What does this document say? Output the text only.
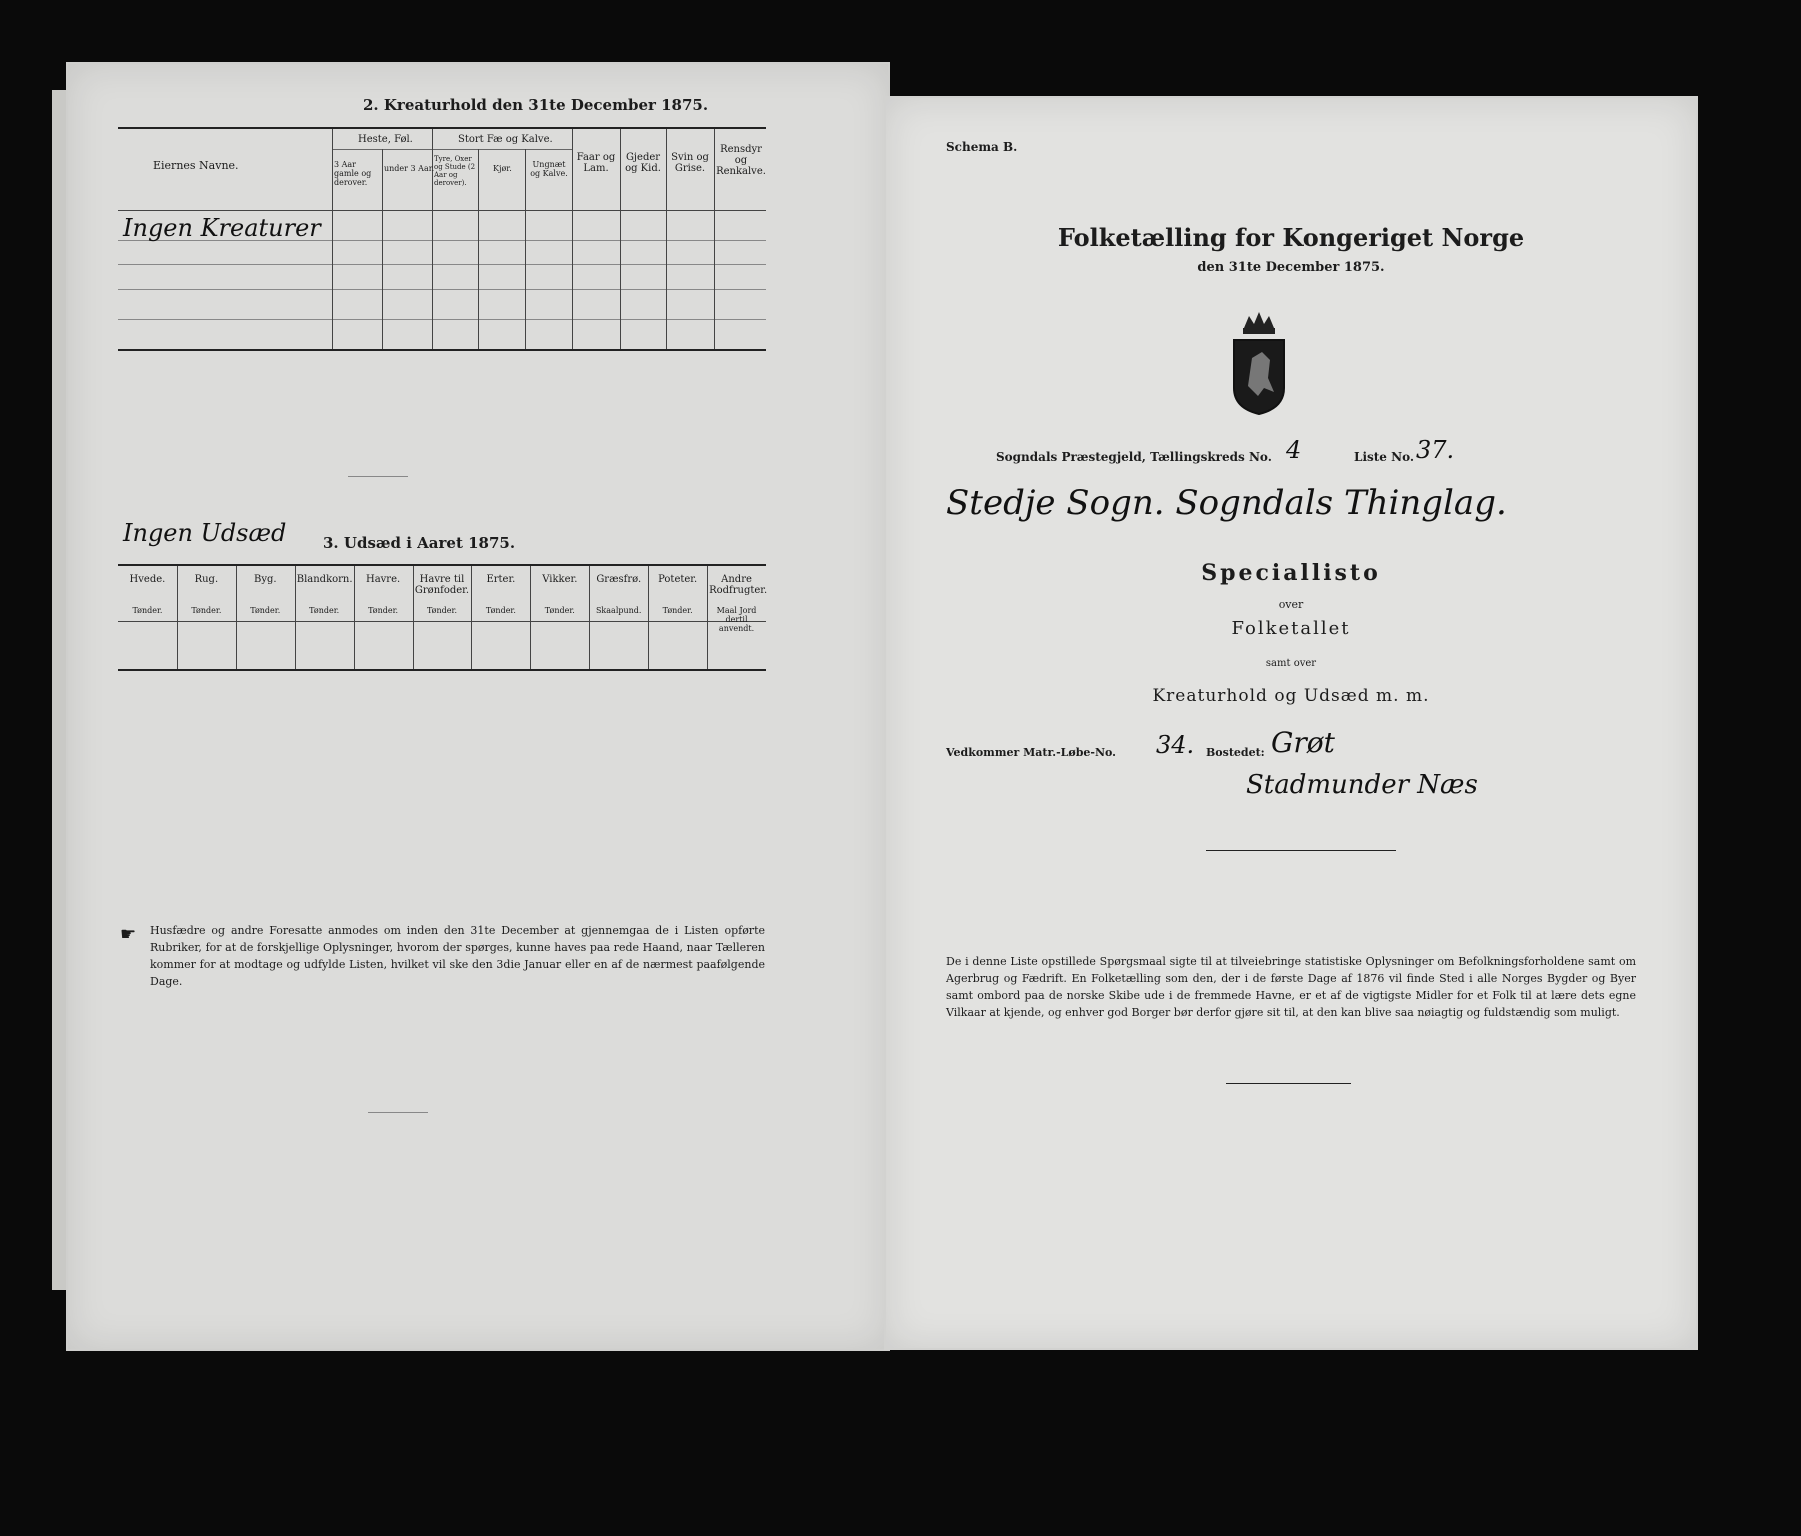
2. Kreaturhold den 31te December 1875.
Eiernes Navne.
Heste, Føl.
3 Aar gamle og derover.
under 3 Aar.
Stort Fæ og Kalve.
Tyre, Oxer og Stude (2 Aar og derover).
Kjør.	Ungnæt og Kalve.
Faar og Lam.
Gjeder og Kid.
Svin og Grise.
Rensdyr og Renkalve.
Ingen Kreaturer
Ingen Udsæd 3. Udsæd i Aaret 1875.
Hvede.
Tønder.
Rug.
Tønder.
Byg.
Tønder.
Blandkorn.
Tønder.
Havre.
Tønder.
Havre til Grønfoder.
Tønder.
Erter.
Tønder.
Vikker.
Tønder.
Græsfrø.
Skaalpund.
Poteter.
Tønder.
Andre Rodfrugter.
Maal Jord dertil anvendt.
☛ Husfædre og andre Foresatte anmodes om inden den 31te December at gjennemgaa de i Listen opførte Rubriker, for at de forskjellige Oplysninger, hvorom der spørges, kunne haves paa rede Haand, naar Tælleren kommer for at modtage og udfylde Listen, hvilket vil ske den 3die Januar eller en af de nærmest paafølgende Dage.
Schema B.
Folketælling for Kongeriget Norge
den 31te December 1875.
Sogndals Præstegjeld, Tællingskreds No. 4	Liste No. 37.
Stedje Sogn. Sogndals Thinglag.
Speciallisto
over
Folketallet
samt over
Kreaturhold og Udsæd m. m.
Vedkommer Matr.-Løbe-No. 34. Bostedet: Grøt
Stadmunder Næs
De i denne Liste opstillede Spørgsmaal sigte til at tilveiebringe statistiske Oplysninger om Befolkningsforholdene samt om Agerbrug og Fædrift. En Folketælling som den, der i de første Dage af 1876 vil finde Sted i alle Norges Bygder og Byer samt ombord paa de norske Skibe ude i de fremmede Havne, er et af de vigtigste Midler for et Folk til at lære dets egne Vilkaar at kjende, og enhver god Borger bør derfor gjøre sit til, at den kan blive saa nøiagtig og fuldstændig som muligt.
